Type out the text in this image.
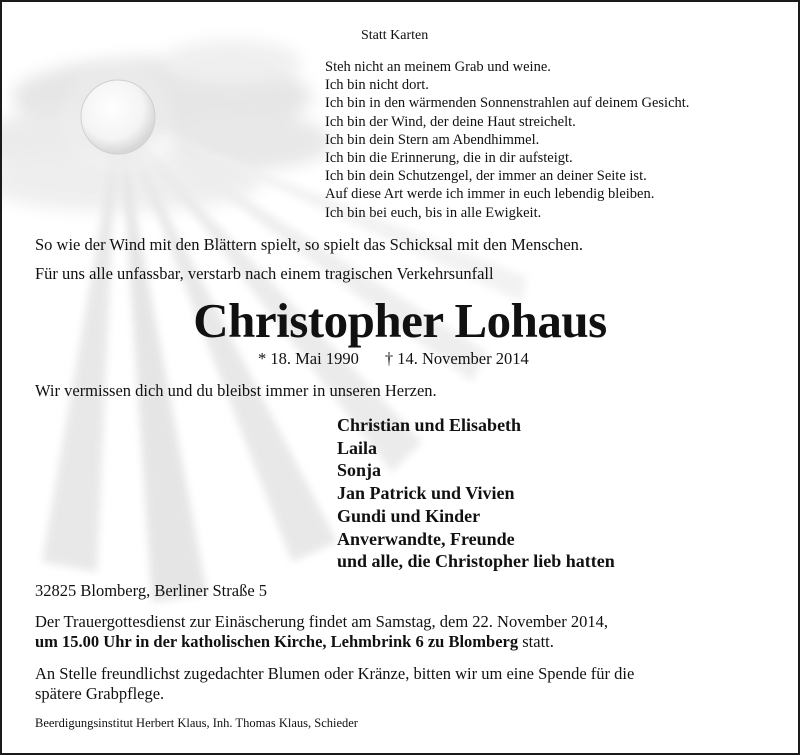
Statt Karten
Steh nicht an meinem Grab und weine.
Ich bin nicht dort.
Ich bin in den wärmenden Sonnenstrahlen auf deinem Gesicht.
Ich bin der Wind, der deine Haut streichelt.
Ich bin dein Stern am Abendhimmel.
Ich bin die Erinnerung, die in dir aufsteigt.
Ich bin dein Schutzengel, der immer an deiner Seite ist.
Auf diese Art werde ich immer in euch lebendig bleiben.
Ich bin bei euch, bis in alle Ewigkeit.
So wie der Wind mit den Blättern spielt, so spielt das Schicksal mit den Menschen.
Für uns alle unfassbar, verstarb nach einem tragischen Verkehrsunfall
Christopher Lohaus
* 18. Mai 1990 † 14. November 2014
Wir vermissen dich und du bleibst immer in unseren Herzen.
Christian und Elisabeth
Laila
Sonja
Jan Patrick und Vivien
Gundi und Kinder
Anverwandte, Freunde
und alle, die Christopher lieb hatten
32825 Blomberg, Berliner Straße 5
Der Trauergottesdienst zur Einäscherung findet am Samstag, dem 22. November 2014,
um 15.00 Uhr in der katholischen Kirche, Lehmbrink 6 zu Blomberg statt.
An Stelle freundlichst zugedachter Blumen oder Kränze, bitten wir um eine Spende für die
spätere Grabpflege.
Beerdigungsinstitut Herbert Klaus, Inh. Thomas Klaus, Schieder
